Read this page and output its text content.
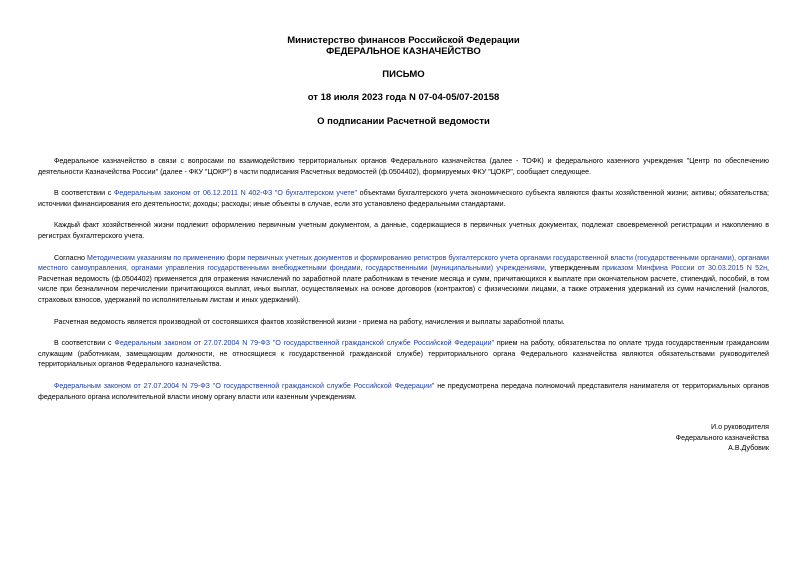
Министерство финансов Российской Федерации
ФЕДЕРАЛЬНОЕ КАЗНАЧЕЙСТВО
ПИСЬМО
от 18 июля 2023 года N 07-04-05/07-20158
О подписании Расчетной ведомости

Федеральное казначейство в связи с вопросами по взаимодействию территориальных органов Федерального казначейства (далее - ТОФК) и федерального казенного учреждения "Центр по обеспечению деятельности Казначейства России" (далее - ФКУ "ЦОКР") в части подписания Расчетных ведомостей (ф.0504402), формируемых ФКУ "ЦОКР", сообщает следующее.

В соответствии с Федеральным законом от 06.12.2011 N 402-ФЗ "О бухгалтерском учете" объектами бухгалтерского учета экономического субъекта являются факты хозяйственной жизни; активы; обязательства; источники финансирования его деятельности; доходы; расходы; иные объекты в случае, если это установлено федеральными стандартами.

Каждый факт хозяйственной жизни подлежит оформлению первичным учетным документом, а данные, содержащиеся в первичных учетных документах, подлежат своевременной регистрации и накоплению в регистрах бухгалтерского учета.

Согласно Методическим указаниям по применению форм первичных учетных документов и формированию регистров бухгалтерского учета органами государственной власти (государственными органами), органами местного самоуправления, органами управления государственными внебюджетными фондами, государственными (муниципальными) учреждениями, утвержденным приказом Минфина России от 30.03.2015 N 52н, Расчетная ведомость (ф.0504402) применяется для отражения начислений по заработной плате работникам в течение месяца и сумм, причитающихся к выплате при окончательном расчете, стипендий, пособий, в том числе при безналичном перечислении причитающихся выплат, иных выплат, осуществляемых на основе договоров (контрактов) с физическими лицами, а также отражения удержаний из сумм начислений (налогов, страховых взносов, удержаний по исполнительным листам и иных удержаний).

Расчетная ведомость является производной от состоявшихся фактов хозяйственной жизни - приема на работу, начисления и выплаты заработной платы.

В соответствии с Федеральным законом от 27.07.2004 N 79-ФЗ "О государственной гражданской службе Российской Федерации" прием на работу, обязательства по оплате труда государственным гражданским служащим (работникам, замещающим должности, не относящиеся к государственной гражданской службе) территориального органа Федерального казначейства являются обязательствами руководителей территориальных органов Федерального казначейства.

Федеральным законом от 27.07.2004 N 79-ФЗ "О государственной гражданской службе Российской Федерации" не предусмотрена передача полномочий представителя нанимателя от территориальных органов федерального органа исполнительной власти иному органу власти или казенным учреждениям.

И.о руководителя
Федерального казначейства
А.В.Дубовик
